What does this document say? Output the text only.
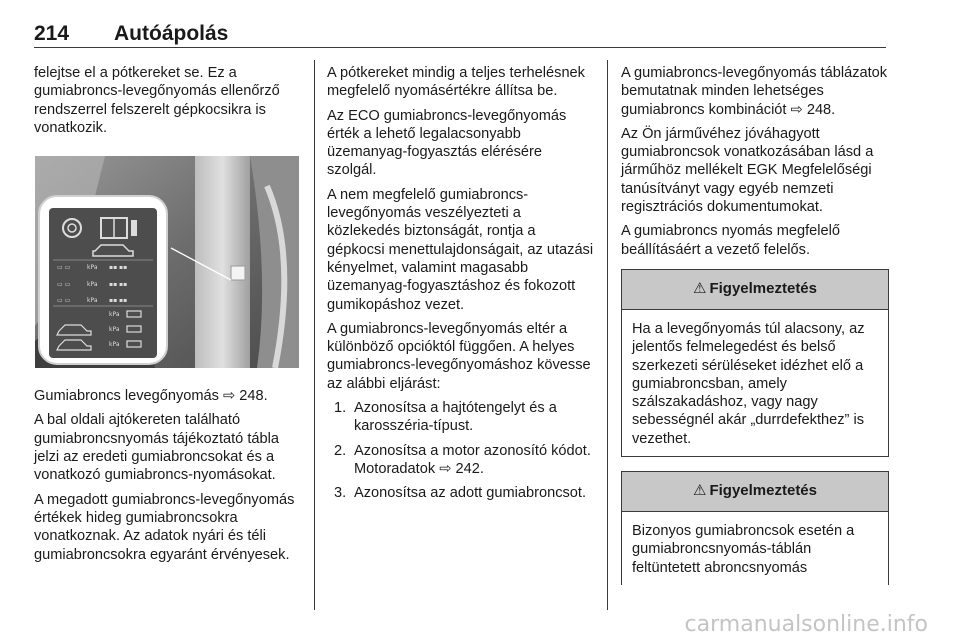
214 Autóápolás

felejtse el a pótkereket se. Ez a gumiabroncs-levegőnyomás ellenőrző rendszerrel felszerelt gépkocsikra is vonatkozik.

▭ ▭	kPa ▪▪ ▪▪
▭ ▭	kPa ▪▪ ▪▪
▭ ▭	kPa ▪▪ ▪▪
kPa
kPa
kPa

Gumiabroncs levegőnyomás ⇨ 248.

A bal oldali ajtókereten található gumiabroncsnyomás tájékoztató tábla jelzi az eredeti gumiabroncsokat és a vonatkozó gumiabroncs-nyomásokat.

A megadott gumiabroncs-levegőnyomás értékek hideg gumiabroncsokra vonatkoznak. Az adatok nyári és téli gumiabroncsokra egyaránt érvényesek.

A pótkereket mindig a teljes terhelésnek megfelelő nyomásértékre állítsa be.

Az ECO gumiabroncs-levegőnyomás érték a lehető legalacsonyabb üzemanyag-fogyasztás elérésére szolgál.

A nem megfelelő gumiabroncs-levegőnyomás veszélyezteti a közlekedés biztonságát, rontja a gépkocsi menettulajdonságait, az utazási kényelmet, valamint magasabb üzemanyag-fogyasztáshoz és fokozott gumikopáshoz vezet.

A gumiabroncs-levegőnyomás eltér a különböző opcióktól függően. A helyes gumiabroncs-levegőnyomáshoz kövesse az alábbi eljárást:

1. Azonosítsa a hajtótengelyt és a karosszéria-típust.
2. Azonosítsa a motor azonosító kódot. Motoradatok ⇨ 242.
3. Azonosítsa az adott gumiabroncsot.

A gumiabroncs-levegőnyomás táblázatok bemutatnak minden lehetséges gumiabroncs kombinációt ⇨ 248.

Az Ön járművéhez jóváhagyott gumiabroncsok vonatkozásában lásd a járműhöz mellékelt EGK Megfelelőségi tanúsítványt vagy egyéb nemzeti regisztrációs dokumentumokat.

A gumiabroncs nyomás megfelelő beállításáért a vezető felelős.

⚠ Figyelmeztetés
Ha a levegőnyomás túl alacsony, az jelentős felmelegedést és belső szerkezeti sérüléseket idézhet elő a gumiabroncsban, amely szálszakadáshoz, vagy nagy sebességnél akár „durrdefekthez” is vezethet.
⚠ Figyelmeztetés
Bizonyos gumiabroncsok esetén a gumiabroncsnyomás-táblán feltüntetett abroncsnyomás
carmanualsonline.info
